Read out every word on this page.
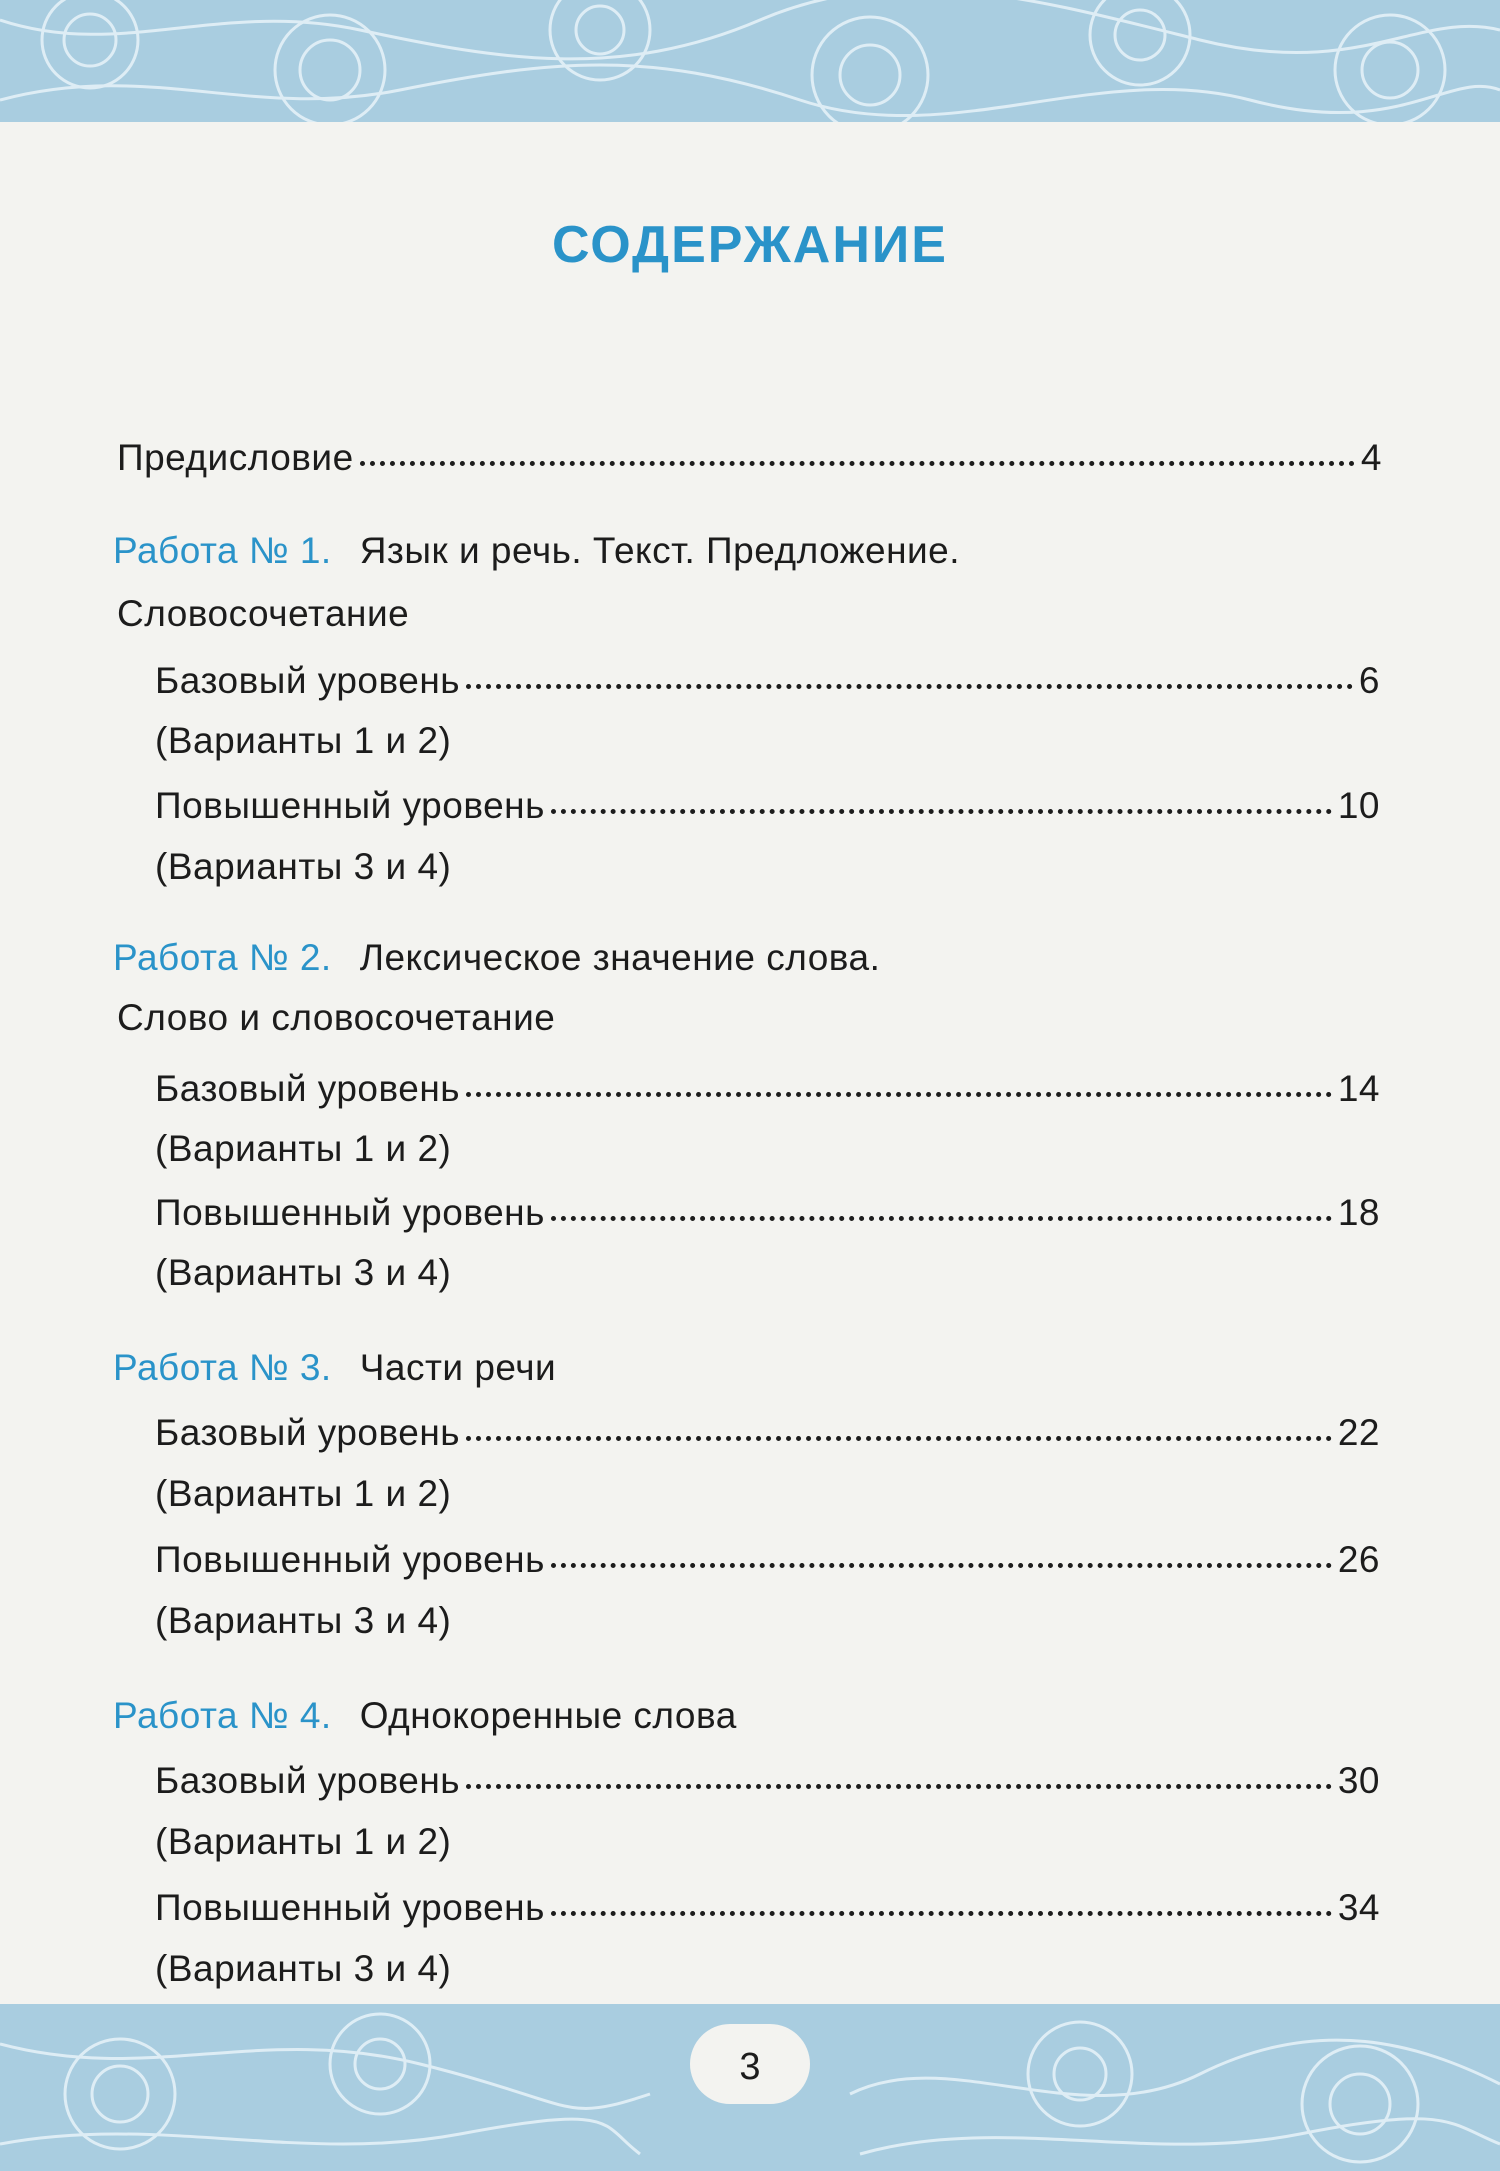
СОДЕРЖАНИЕ
Предисловие	4
Работа № 1. Язык и речь. Текст. Предложение.
Словосочетание
Базовый уровень	6
(Варианты 1 и 2)
Повышенный уровень	10
(Варианты 3 и 4)
Работа № 2. Лексическое значение слова.
Слово и словосочетание
Базовый уровень	14
(Варианты 1 и 2)
Повышенный уровень	18
(Варианты 3 и 4)
Работа № 3. Части речи
Базовый уровень	22
(Варианты 1 и 2)
Повышенный уровень	26
(Варианты 3 и 4)
Работа № 4. Однокоренные слова
Базовый уровень	30
(Варианты 1 и 2)
Повышенный уровень	34
(Варианты 3 и 4)
3
